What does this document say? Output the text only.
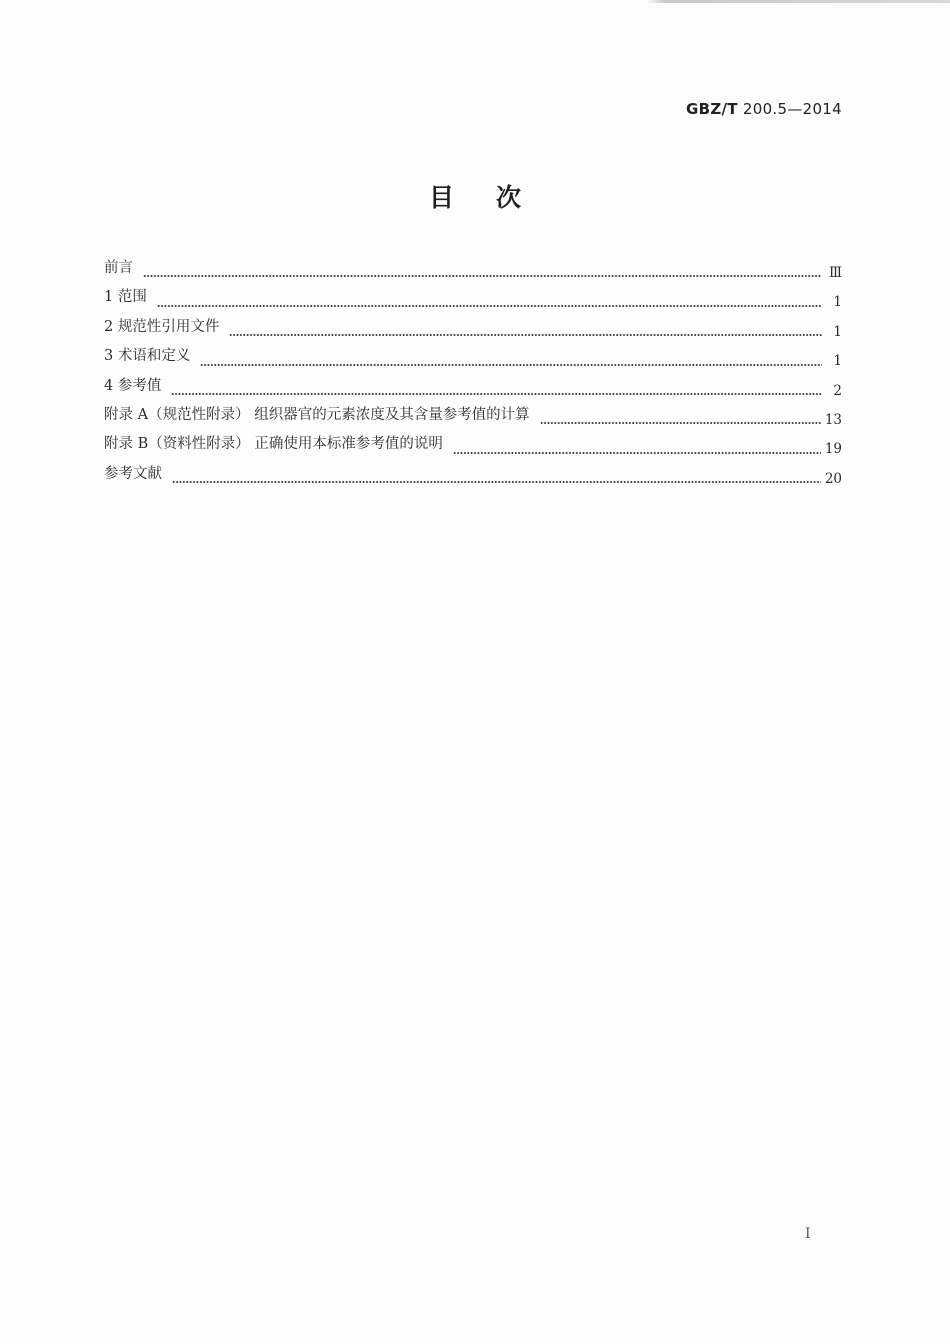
GBZ/T 200.5—2014
目次
前言	Ⅲ
1 范围	1
2 规范性引用文件	1
3 术语和定义	1
4 参考值	2
附录 A（规范性附录） 组织器官的元素浓度及其含量参考值的计算	13
附录 B（资料性附录） 正确使用本标准参考值的说明	19
参考文献	20
I
